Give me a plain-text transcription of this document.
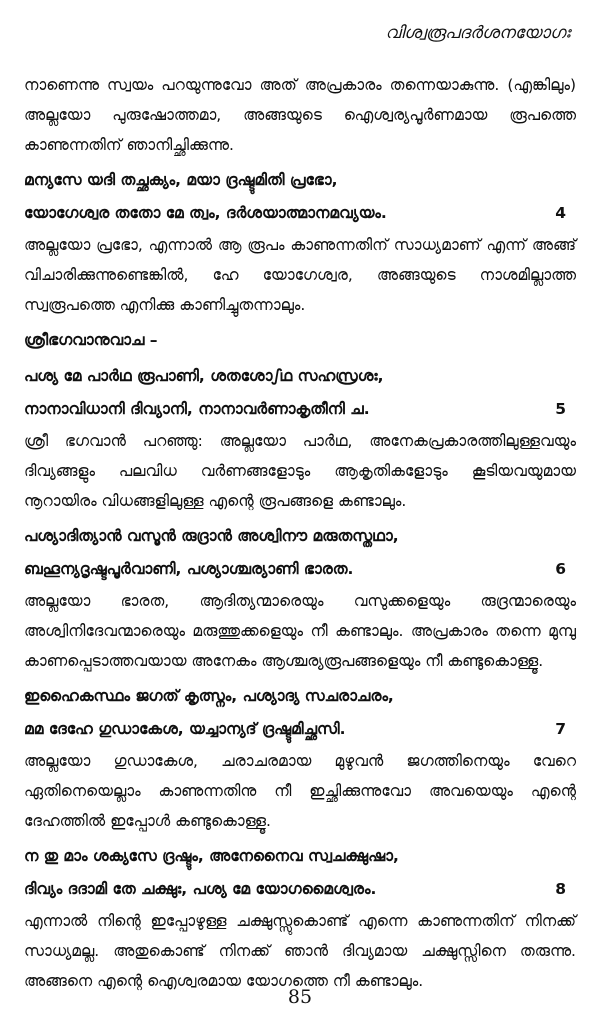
വിശ്വരൂപദർശനയോഗഃ

നാണെന്നു സ്വയം പറയുന്നുവോ അത് അപ്രകാരം തന്നെയാകുന്നു. (എങ്കിലും) അല്ലയോ പുരുഷോത്തമാ, അങ്ങയുടെ ഐശ്വര്യപൂർണമായ രൂപത്തെ കാണുന്നതിന് ഞാനിച്ഛിക്കുന്നു.

മന്യസേ യദി തച്ഛക്യം, മയാ ദ്രഷ്ടുമിതി പ്രഭോ,
യോഗേശ്വര തതോ മേ ത്വം, ദർശയാത്മാനമവ്യയം.	4

അല്ലയോ പ്രഭോ, എന്നാൽ ആ രൂപം കാണുന്നതിന് സാധ്യമാണ് എന്ന് അങ്ങ് വിചാരിക്കുന്നുണ്ടെങ്കിൽ, ഹേ യോഗേശ്വര, അങ്ങയുടെ നാശമില്ലാത്ത സ്വരൂപത്തെ എനിക്കു കാണിച്ചുതന്നാലും.

ശ്രീഭഗവാനുവാച –
പശ്യ മേ പാർഥ രൂപാണി, ശതശോഽഥ സഹസ്രശഃ,
നാനാവിധാനി ദിവ്യാനി, നാനാവർണാകൃതീനി ച.	5

ശ്രീ ഭഗവാൻ പറഞ്ഞു: അല്ലയോ പാർഥ, അനേകപ്രകാരത്തിലുള്ളവയും ദിവ്യങ്ങളും പലവിധ വർണങ്ങളോടും ആകൃതികളോടും കൂടിയവയുമായ നൂറായിരം വിധങ്ങളിലുള്ള എന്റെ രൂപങ്ങളെ കണ്ടാലും.

പശ്യാദിത്യാൻ വസൂൻ രുദ്രാൻ അശ്വിനൗ മരുതസ്തഥാ,
ബഹൂന്യദൃഷ്ടപൂർവാണി, പശ്യാശ്ചര്യാണി ഭാരത.	6

അല്ലയോ ഭാരത, ആദിത്യന്മാരെയും വസുക്കളെയും രുദ്രന്മാരെയും അശ്വിനിദേവന്മാരെയും മരുത്തുക്കളെയും നീ കണ്ടാലും. അപ്രകാരം തന്നെ മുമ്പു കാണപ്പെടാത്തവയായ അനേകം ആശ്ചര്യരൂപങ്ങളെയും നീ കണ്ടുകൊള്ളൂ.

ഇഹൈകസ്ഥം ജഗത് കൃത്സ്നം, പശ്യാദ്യ സചരാചരം,
മമ ദേഹേ ഗുഡാകേശ, യച്ചാന്യദ് ദ്രഷ്ടുമിച്ഛസി.	7

അല്ലയോ ഗുഡാകേശ, ചരാചരമായ മുഴുവൻ ജഗത്തിനെയും വേറെ ഏതിനെയെല്ലാം കാണുന്നതിനു നീ ഇച്ഛിക്കുന്നുവോ അവയെയും എന്റെ ദേഹത്തിൽ ഇപ്പോൾ കണ്ടുകൊള്ളൂ.

ന തു മാം ശക്യസേ ദ്രഷ്ടും, അനേനൈവ സ്വചക്ഷുഷാ,
ദിവ്യം ദദാമി തേ ചക്ഷുഃ, പശ്യ മേ യോഗമൈശ്വരം.	8

എന്നാൽ നിന്റെ ഇപ്പോഴുള്ള ചക്ഷുസ്സുകൊണ്ട് എന്നെ കാണുന്നതിന് നിനക്ക് സാധ്യമല്ല. അതുകൊണ്ട് നിനക്ക് ഞാൻ ദിവ്യമായ ചക്ഷുസ്സിനെ തരുന്നു. അങ്ങനെ എന്റെ ഐശ്വരമായ യോഗത്തെ നീ കണ്ടാലും.

85
